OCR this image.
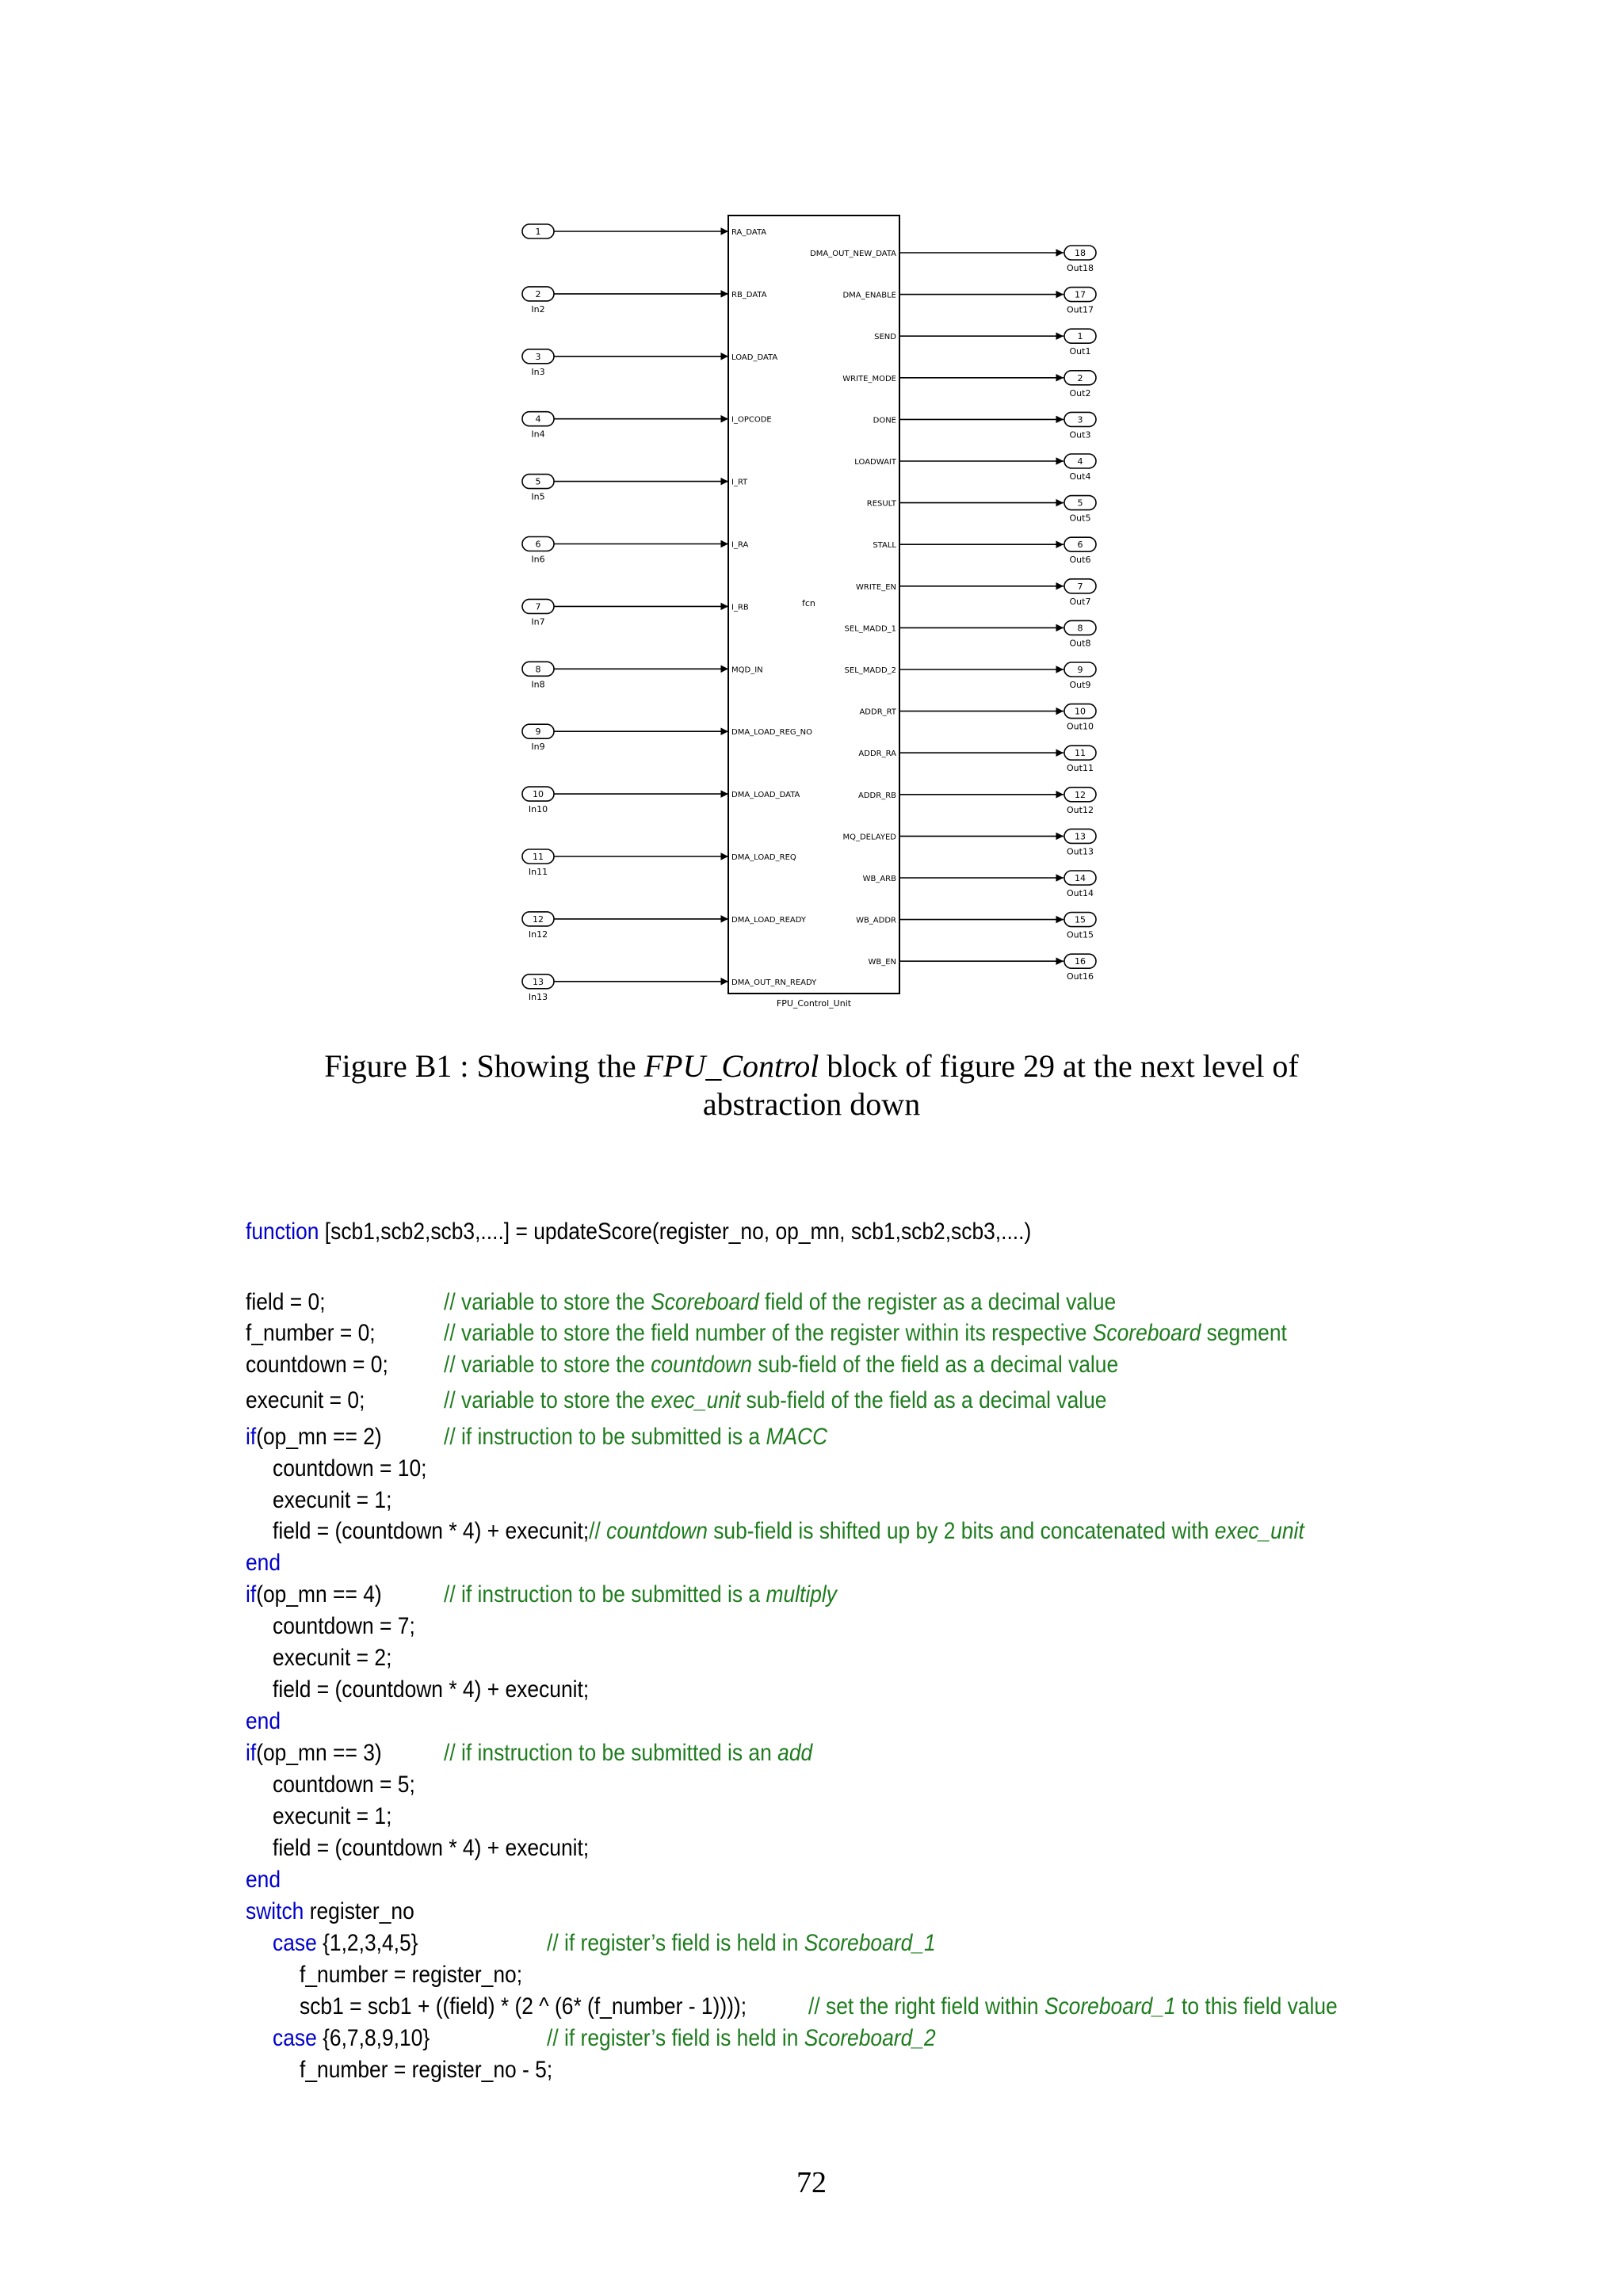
fcn
FPU_Control_Unit
1	RA_DATA
2
In2
RB_DATA
3
In3
LOAD_DATA
4
In4
I_OPCODE
5
In5
I_RT
6
In6
I_RA
7
In7
I_RB
8
In8
MQD_IN
9
In9
DMA_LOAD_REG_NO
10
In10
DMA_LOAD_DATA
11
In11
DMA_LOAD_REQ
12
In12
DMA_LOAD_READY
13
In13
DMA_OUT_RN_READY
DMA_OUT_NEW_DATA	18
Out18
DMA_ENABLE	17
Out17
SEND	1
Out1
WRITE_MODE	2
Out2
DONE	3
Out3
LOADWAIT	4
Out4
RESULT	5
Out5
STALL	6
Out6
WRITE_EN	7
Out7
SEL_MADD_1	8
Out8
SEL_MADD_2	9
Out9
ADDR_RT	10
Out10
ADDR_RA	11
Out11
ADDR_RB	12
Out12
MQ_DELAYED	13
Out13
WB_ARB	14
Out14
WB_ADDR	15
Out15
WB_EN	16
Out16
Figure B1 : Showing the FPU_Control block of figure 29 at the next level of
abstraction down
function [scb1,scb2,scb3,....] = updateScore(register_no, op_mn, scb1,scb2,scb3,....)
field = 0;	// variable to store the Scoreboard field of the register as a decimal value
f_number = 0;	// variable to store the field number of the register within its respective Scoreboard segment
countdown = 0; // variable to store the countdown sub-field of the field as a decimal value
execunit = 0;	// variable to store the exec_unit sub-field of the field as a decimal value
if(op_mn == 2)	// if instruction to be submitted is a MACC
countdown = 10;
execunit = 1;
field = (countdown * 4) + execunit;// countdown sub-field is shifted up by 2 bits and concatenated with exec_unit
end
if(op_mn == 4)	// if instruction to be submitted is a multiply
countdown = 7;
execunit = 2;
field = (countdown * 4) + execunit;
end
if(op_mn == 3)	// if instruction to be submitted is an add
countdown = 5;
execunit = 1;
field = (countdown * 4) + execunit;
end
switch register_no
case {1,2,3,4,5}	// if register’s field is held in Scoreboard_1
f_number = register_no;
scb1 = scb1 + ((field) * (2 ^ (6* (f_number - 1))));	// set the right field within Scoreboard_1 to this field value
case {6,7,8,9,10}	// if register’s field is held in Scoreboard_2
f_number = register_no - 5;
72
